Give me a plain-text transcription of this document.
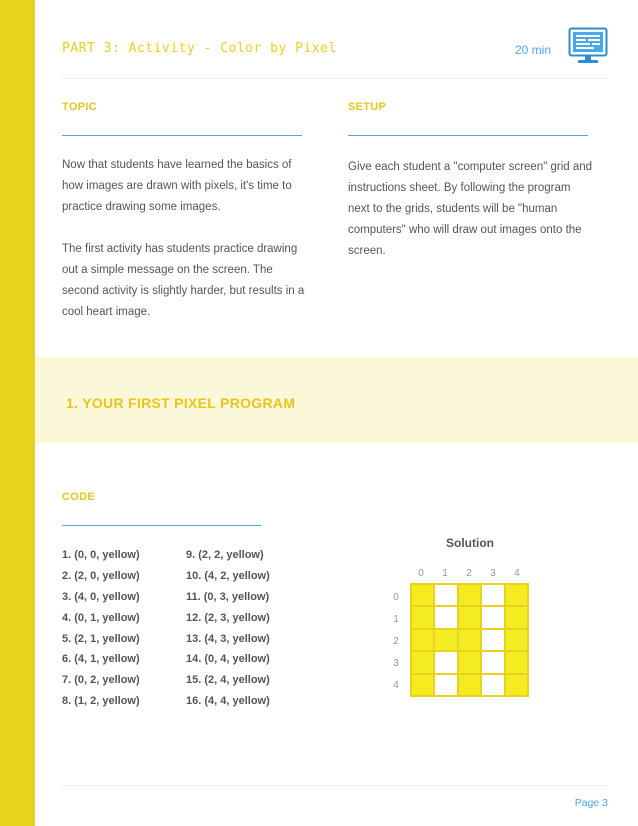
PART 3: Activity - Color by Pixel	20 min
TOPIC

Now that students have learned the basics of how images are drawn with pixels, it's time to practice drawing some images.

The first activity has students practice drawing out a simple message on the screen. The second activity is slightly harder, but results in a cool heart image.

SETUP

Give each student a "computer screen" grid and instructions sheet. By following the program next to the grids, students will be "human computers" who will draw out images onto the screen.

1. YOUR FIRST PIXEL PROGRAM
CODE
1. (0, 0, yellow)
2. (2, 0, yellow)
3. (4, 0, yellow)
4. (0, 1, yellow)
5. (2, 1, yellow)
6. (4, 1, yellow)
7. (0, 2, yellow)
8. (1, 2, yellow)
9. (2, 2, yellow)
10. (4, 2, yellow)
11. (0, 3, yellow)
12. (2, 3, yellow)
13. (4, 3, yellow)
14. (0, 4, yellow)
15. (2, 4, yellow)
16. (4, 4, yellow)
Solution
0	1	2	3	4
0
1
2
3
4
Page 3
